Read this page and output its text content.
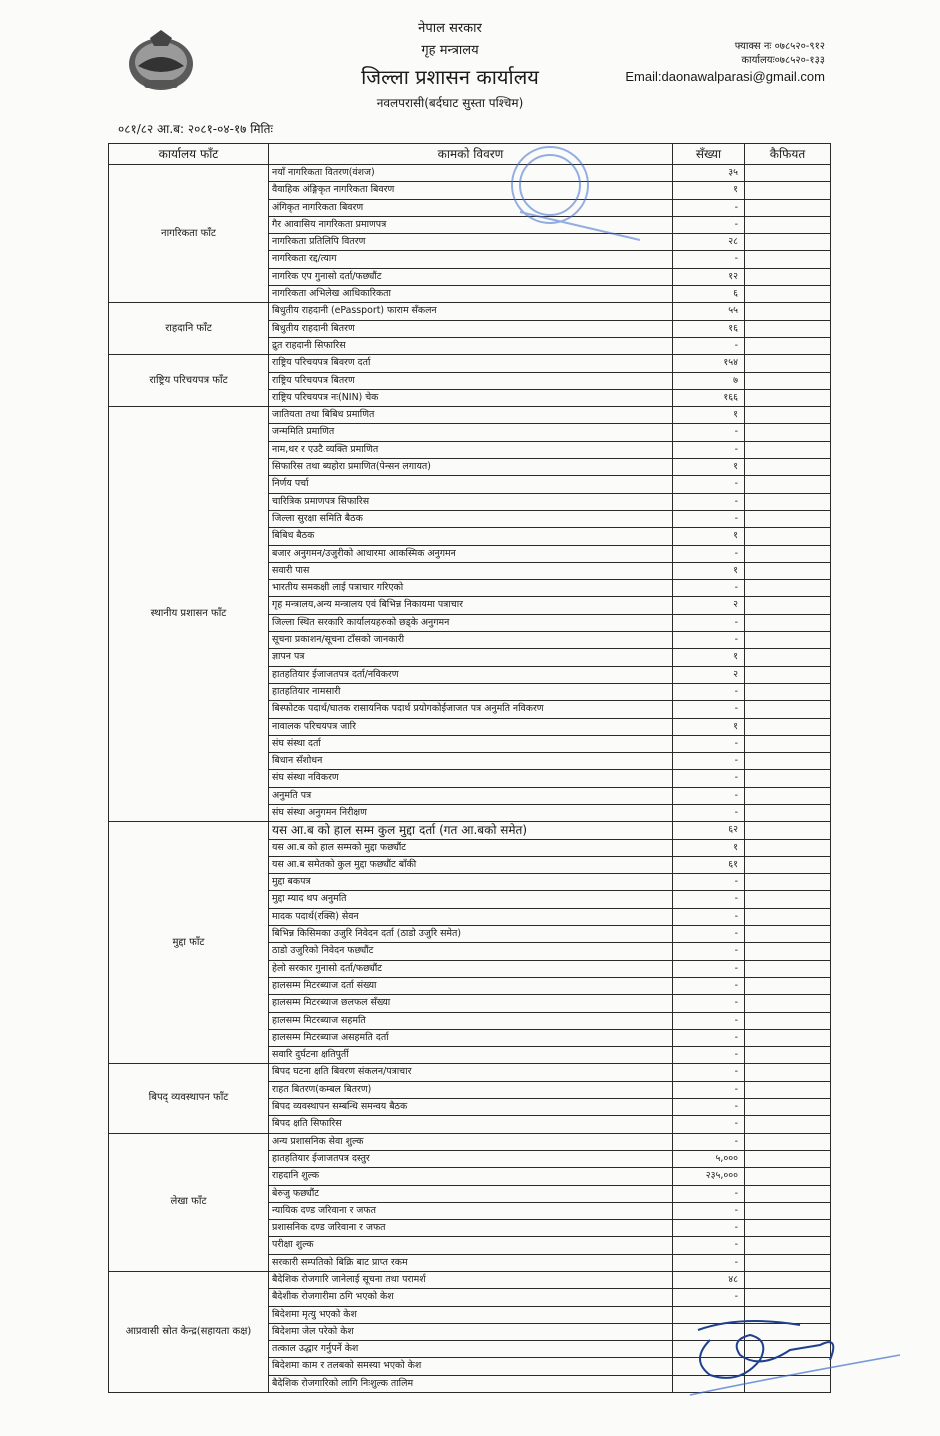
नेपाल सरकार
गृह मन्त्रालय
जिल्ला प्रशासन कार्यालय
नवलपरासी(बर्दघाट सुस्ता पश्चिम)
फ्याक्स नः ०७८५२०-९१२
कार्यालयः०७८५२०-१३३
Email:daonawalparasi@gmail.com
०८१/८२ आ.ब: २०८१-०४-१७ मितिः
कार्यालय फाँट	कामको विवरण	सँख्या	कैफियत
नागरिकता फाँट	नयाँ नागरिकता वितरण(वंशज)	३५	
	वैवाहिक अंङ्गिकृत नागरिकता बिवरण	१	
	अंगिकृत नागरिकता बिवरण	-	
	गैर आवासिय नागरिकता प्रमाणपत्र	-	
	नागरिकता प्रतिलिपि वितरण	२८	
	नागरिकता रद्द/त्याग	-	
	नागरिक एप गुनासो दर्ता/फछ्यौंट	१२	
	नागरिकता अभिलेख आधिकारिकता	६	
राहदानि फाँट	बिधुतीय राहदानी (ePassport) फाराम सँकलन	५५	
	बिधुतीय राहदानी बितरण	१६	
	द्रुत राहदानी सिफारिस	-	
राष्ट्रिय परिचयपत्र फाँट	राष्ट्रिय परिचयपत्र बिवरण दर्ता	१५४	
	राष्ट्रिय परिचयपत्र बितरण	७	
	राष्ट्रिय परिचयपत्र नः(NIN) चेक	१६६	
स्थानीय प्रशासन फाँट	जातियता तथा बिबिध प्रमाणित	१	
	जन्ममिति प्रमाणित	-	
	नाम,थर र एउटै व्यक्ति प्रमाणित	-	
	सिफारिस तथा ब्यहोरा प्रमाणित(पेन्सन लगायत)	१	
	निर्णय पर्चा	-	
	चारित्रिक प्रमाणपत्र सिफारिस	-	
	जिल्ला सुरक्षा समिति बैठक	-	
	बिबिध बैठक	१	
	बजार अनुगमन/उजुरीको आधारमा आकस्मिक अनुगमन	-	
	सवारी पास	१	
	भारतीय समकक्षी लाई पत्राचार गरिएको	-	
	गृह मन्त्रालय,अन्य मन्त्रालय एवं बिभिन्न निकायमा पत्राचार	२	
	जिल्ला स्थित सरकारि कार्यालयहरुको छड्के अनुगमन	-	
	सूचना प्रकाशन/सूचना टाँसको जानकारी	-	
	ज्ञापन पत्र	१	
	हातहतियार ईजाजतपत्र दर्ता/नविकरण	२	
	हातहतियार नामसारी	-	
	बिस्फोटक पदार्थ/घातक रासायनिक पदार्थ प्रयोगकोईजाजत पत्र अनुमति नविकरण	-	
	नावालक परिचयपत्र जारि	१	
	संघ संस्था दर्ता	-	
	बिधान सँशोधन	-	
	संघ संस्था नविकरण	-	
	अनुमति पत्र	-	
	संघ संस्था अनुगमन निरीक्षण	-	
मुद्दा फाँट	यस आ.ब को हाल सम्म कुल मुद्दा दर्ता (गत आ.बको समेत)	६२	
	यस आ.ब को हाल सम्मको मुद्दा फछ्यौंट	१	
	यस आ.ब समेतको कुल मुद्दा फछ्यौंट बाँकी	६१	
	मुद्दा बकपत्र	-	
	मुद्दा म्याद थप अनुमति	-	
	मादक पदार्थ(रक्सि) सेवन	-	
	बिभिन्न किसिमका उजुरि निवेदन दर्ता (ठाडो उजुरि समेत)	-	
	ठाडो उजुरिको निवेदन फछ्यौंट	-	
	हेलो सरकार गुनासो दर्ता/फछ्यौंट	-	
	हालसम्म मिटरब्याज दर्ता संख्या	-	
	हालसम्म मिटरब्याज छलफल सँख्या	-	
	हालसम्म मिटरब्याज सहमति	-	
	हालसम्म मिटरब्याज असहमति दर्ता	-	
	सवारि दुर्घटना क्षतिपुर्ती	-	
बिपद् व्यवस्थापन फाँट	बिपद घटना क्षति बिवरण संकलन/पत्राचार	-	
	राहत बितरण(कम्बल बितरण)	-	
	बिपद व्यवस्थापन सम्बन्धि समन्वय बैठक	-	
	बिपद क्षति सिफारिस	-	
लेखा फाँट	अन्य प्रशासनिक सेवा शुल्क	-	
	हातहतियार ईजाजतपत्र दस्तुर	५,०००	
	राहदानि शुल्क	२३५,०००	
	बेरुजु फछ्यौंट	-	
	न्यायिक दण्ड जरिवाना र जफत	-	
	प्रशासनिक दण्ड जरिवाना र जफत	-	
	परीक्षा शुल्क	-	
	सरकारी सम्पतिको बिक्रि बाट प्राप्त रकम	-	
आप्रवासी स्रोत केन्द्र(सहायता कक्ष)	बैदेशिक रोजगारि जानेलाई सूचना तथा परामर्श	४८	
	बैदेशीक रोजगारीमा ठगि भएको केश	-	
	बिदेशमा मृत्यु भएको केश		
	बिदेशमा जेल परेको केश		
	तत्काल उद्धार गर्नुपर्ने केश		
	बिदेशमा काम र तलबको समस्या भएको केश		
	बैदेशिक रोजगारिको लागि निःशुल्क तालिम		
